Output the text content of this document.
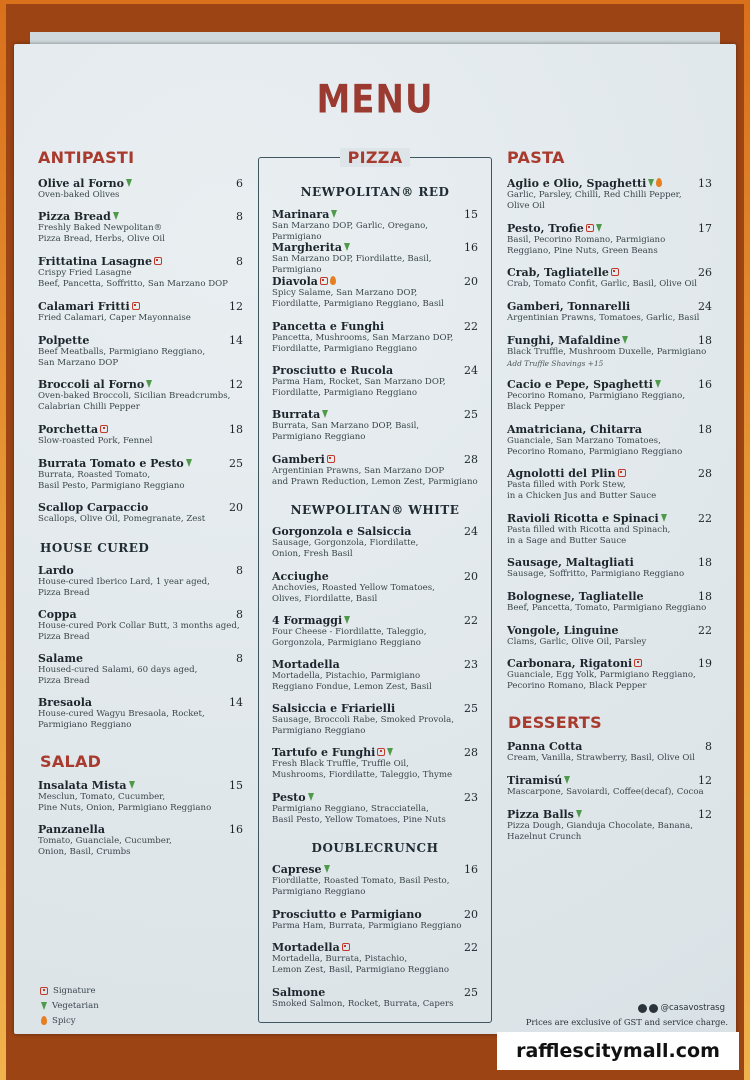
MENU
ANTIPASTI
Olive al Forno
Oven-baked Olives
6
Pizza Bread
Freshly Baked Newpolitan®
Pizza Bread, Herbs, Olive Oil
8
Frittatina Lasagne
Crispy Fried Lasagne
Beef, Pancetta, Soffritto, San Marzano DOP
8
Calamari Fritti
Fried Calamari, Caper Mayonnaise
12
Polpette
Beef Meatballs, Parmigiano Reggiano,
San Marzano DOP
14
Broccoli al Forno
Oven-baked Broccoli, Sicilian Breadcrumbs,
Calabrian Chilli Pepper
12
Porchetta
Slow-roasted Pork, Fennel
18
Burrata Tomato e Pesto
Burrata, Roasted Tomato,
Basil Pesto, Parmigiano Reggiano
25
Scallop Carpaccio
Scallops, Olive Oil, Pomegranate, Zest
20
HOUSE CURED
Lardo
House-cured Iberico Lard, 1 year aged,
Pizza Bread
8
Coppa
House-cured Pork Collar Butt, 3 months aged,
Pizza Bread
8
Salame
Housed-cured Salami, 60 days aged,
Pizza Bread
8
Bresaola
House-cured Wagyu Bresaola, Rocket,
Parmigiano Reggiano
14
SALAD
Insalata Mista
Mesclun, Tomato, Cucumber,
Pine Nuts, Onion, Parmigiano Reggiano
15
Panzanella
Tomato, Guanciale, Cucumber,
Onion, Basil, Crumbs
16
PIZZA
NEWPOLITAN® RED
Marinara
San Marzano DOP, Garlic, Oregano, Parmigiano
15
Margherita
San Marzano DOP, Fiordilatte, Basil, Parmigiano
16
Diavola
Spicy Salame, San Marzano DOP,
Fiordilatte, Parmigiano Reggiano, Basil
20
Pancetta e Funghi
Pancetta, Mushrooms, San Marzano DOP,
Fiordilatte, Parmigiano Reggiano
22
Prosciutto e Rucola
Parma Ham, Rocket, San Marzano DOP,
Fiordilatte, Parmigiano Reggiano
24
Burrata
Burrata, San Marzano DOP, Basil,
Parmigiano Reggiano
25
Gamberi
Argentinian Prawns, San Marzano DOP
and Prawn Reduction, Lemon Zest, Parmigiano
28
NEWPOLITAN® WHITE
Gorgonzola e Salsiccia
Sausage, Gorgonzola, Fiordilatte,
Onion, Fresh Basil
24
Acciughe
Anchovies, Roasted Yellow Tomatoes,
Olives, Fiordilatte, Basil
20
4 Formaggi
Four Cheese - Fiordilatte, Taleggio,
Gorgonzola, Parmigiano Reggiano
22
Mortadella
Mortadella, Pistachio, Parmigiano
Reggiano Fondue, Lemon Zest, Basil
23
Salsiccia e Friarielli
Sausage, Broccoli Rabe, Smoked Provola,
Parmigiano Reggiano
25
Tartufo e Funghi
Fresh Black Truffle, Truffle Oil,
Mushrooms, Fiordilatte, Taleggio, Thyme
28
Pesto
Parmigiano Reggiano, Stracciatella,
Basil Pesto, Yellow Tomatoes, Pine Nuts
23
DOUBLECRUNCH
Caprese
Fiordilatte, Roasted Tomato, Basil Pesto,
Parmigiano Reggiano
16
Prosciutto e Parmigiano
Parma Ham, Burrata, Parmigiano Reggiano
20
Mortadella
Mortadella, Burrata, Pistachio,
Lemon Zest, Basil, Parmigiano Reggiano
22
Salmone
Smoked Salmon, Rocket, Burrata, Capers
25
PASTA
Aglio e Olio, Spaghetti
Garlic, Parsley, Chilli, Red Chilli Pepper,
Olive Oil
13
Pesto, Trofie
Basil, Pecorino Romano, Parmigiano
Reggiano, Pine Nuts, Green Beans
17
Crab, Tagliatelle
Crab, Tomato Confit, Garlic, Basil, Olive Oil
26
Gamberi, Tonnarelli
Argentinian Prawns, Tomatoes, Garlic, Basil
24
Funghi, Mafaldine
Black Truffle, Mushroom Duxelle, Parmigiano
Add Truffle Shavings +15
18
Cacio e Pepe, Spaghetti
Pecorino Romano, Parmigiano Reggiano,
Black Pepper
16
Amatriciana, Chitarra
Guanciale, San Marzano Tomatoes,
Pecorino Romano, Parmigiano Reggiano
18
Agnolotti del Plin
Pasta filled with Pork Stew,
in a Chicken Jus and Butter Sauce
28
Ravioli Ricotta e Spinaci
Pasta filled with Ricotta and Spinach,
in a Sage and Butter Sauce
22
Sausage, Maltagliati
Sausage, Soffritto, Parmigiano Reggiano
18
Bolognese, Tagliatelle
Beef, Pancetta, Tomato, Parmigiano Reggiano
18
Vongole, Linguine
Clams, Garlic, Olive Oil, Parsley
22
Carbonara, Rigatoni
Guanciale, Egg Yolk, Parmigiano Reggiano,
Pecorino Romano, Black Pepper
19
DESSERTS
Panna Cotta
Cream, Vanilla, Strawberry, Basil, Olive Oil
8
Tiramisú
Mascarpone, Savoiardi, Coffee(decaf), Cocoa
12
Pizza Balls
Pizza Dough, Gianduja Chocolate, Banana,
Hazelnut Crunch
12
Signature
Vegetarian
Spicy
@casavostrasg
Prices are exclusive of GST and service charge.
rafflescitymall.com
